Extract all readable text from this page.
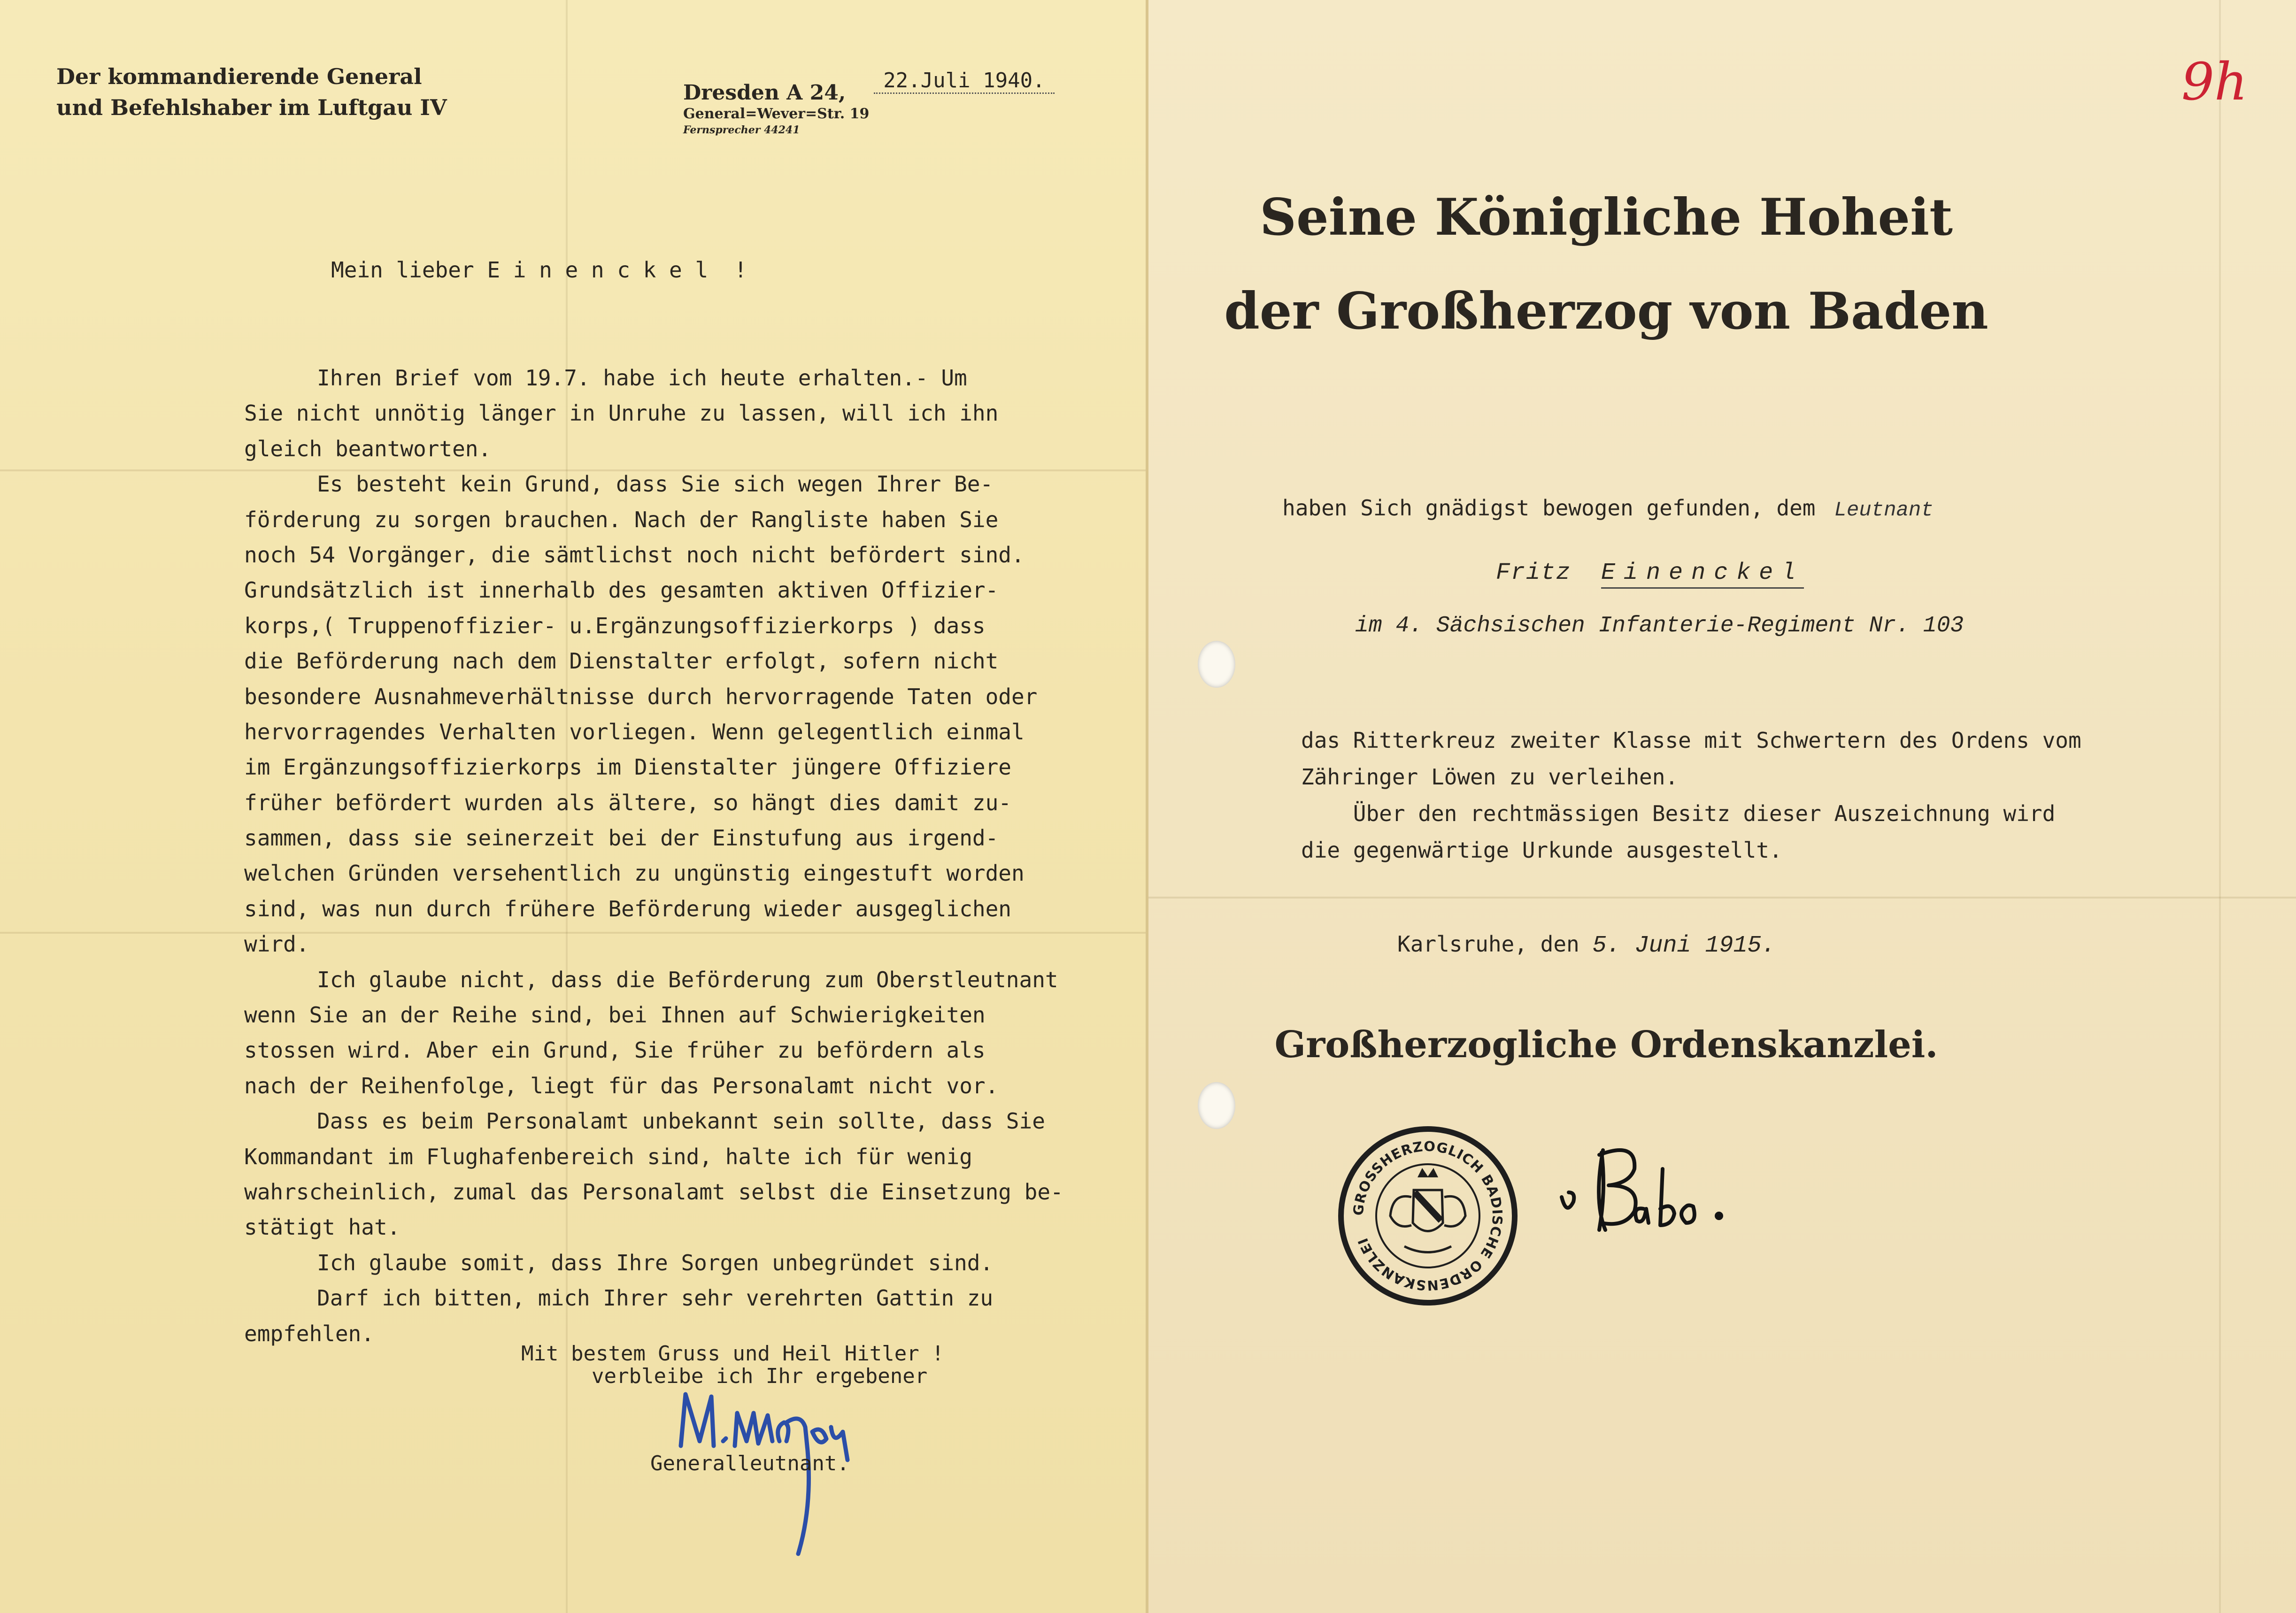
Der kommandierende General
und Befehlshaber im Luftgau IV
Dresden A 24,22.Juli 1940.
General=Wever=Str. 19
Fernsprecher 44241
Mein lieber E i n e n c k e l  !
Ihren Brief vom 19.7. habe ich heute erhalten.- Um
Sie nicht unnötig länger in Unruhe zu lassen, will ich ihn
gleich beantworten.
Es besteht kein Grund, dass Sie sich wegen Ihrer Be-
förderung zu sorgen brauchen. Nach der Rangliste haben Sie
noch 54 Vorgänger, die sämtlichst noch nicht befördert sind.
Grundsätzlich ist innerhalb des gesamten aktiven Offizier-
korps,( Truppenoffizier- u.Ergänzungsoffizierkorps ) dass
die Beförderung nach dem Dienstalter erfolgt, sofern nicht
besondere Ausnahmeverhältnisse durch hervorragende Taten oder
hervorragendes Verhalten vorliegen. Wenn gelegentlich einmal
im Ergänzungsoffizierkorps im Dienstalter jüngere Offiziere
früher befördert wurden als ältere, so hängt dies damit zu-
sammen, dass sie seinerzeit bei der Einstufung aus irgend-
welchen Gründen versehentlich zu ungünstig eingestuft worden
sind, was nun durch frühere Beförderung wieder ausgeglichen
wird.
Ich glaube nicht, dass die Beförderung zum Oberstleutnant
wenn Sie an der Reihe sind, bei Ihnen auf Schwierigkeiten
stossen wird. Aber ein Grund, Sie früher zu befördern als
nach der Reihenfolge, liegt für das Personalamt nicht vor.
Dass es beim Personalamt unbekannt sein sollte, dass Sie
Kommandant im Flughafenbereich sind, halte ich für wenig
wahrscheinlich, zumal das Personalamt selbst die Einsetzung be-
stätigt hat.
Ich glaube somit, dass Ihre Sorgen unbegründet sind.
Darf ich bitten, mich Ihrer sehr verehrten Gattin zu
empfehlen.
Mit bestem Gruss und Heil Hitler !
verbleibe ich Ihr ergebener
Generalleutnant.
9h
Seine Königliche Hoheit
der Großherzog von Baden
haben Sich gnädigst bewogen gefunden, dem Leutnant
Fritz Einenckel
im 4. Sächsischen Infanterie-Regiment Nr. 103
das Ritterkreuz zweiter Klasse mit Schwertern des Ordens vom
Zähringer Löwen zu verleihen.
Über den rechtmässigen Besitz dieser Auszeichnung wird
die gegenwärtige Urkunde ausgestellt.
Karlsruhe, den 5. Juni 1915.
Großherzogliche Ordenskanzlei.
GROSSHERZOGLICH BADISCHE ORDENSKANZLEI
